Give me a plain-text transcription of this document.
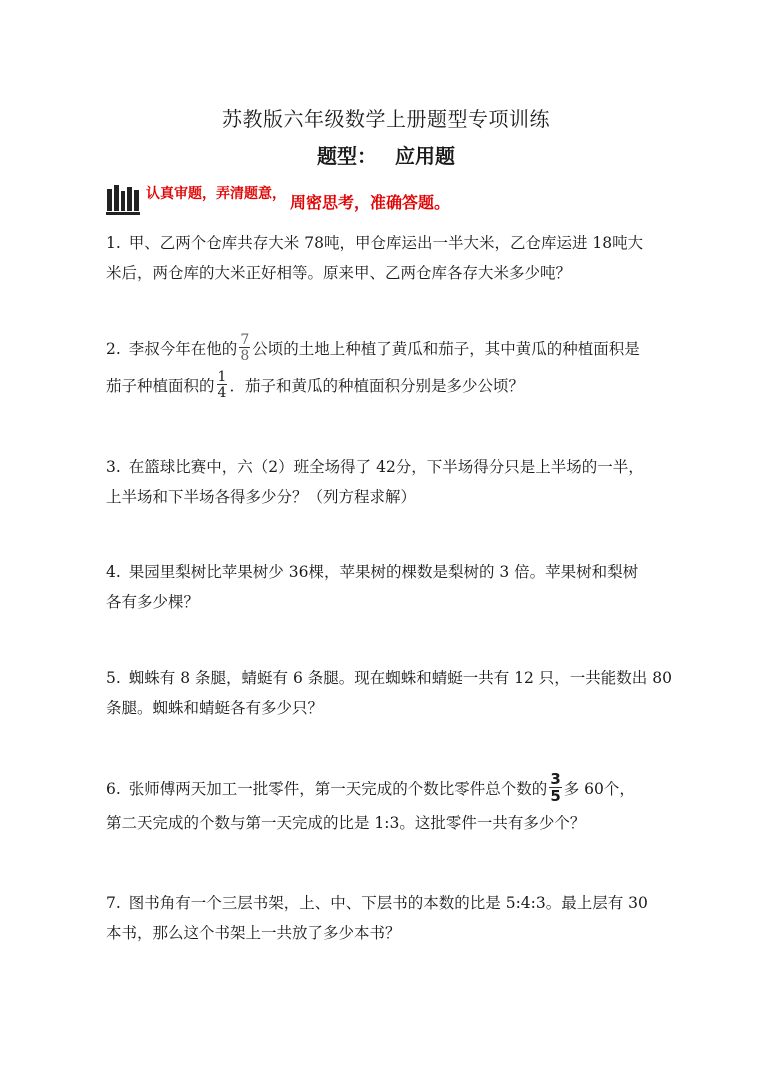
苏教版六年级数学上册题型专项训练
题型： 应用题
认真审题，弄清题意， 周密思考，准确答题。
1. 甲、乙两个仓库共存大米 78吨，甲仓库运出一半大米，乙仓库运进 18吨大
米后，两仓库的大米正好相等。原来甲、乙两仓库各存大米多少吨？
2. 李叔今年在他的 $\frac{7}{8}$ 公顷的土地上种植了黄瓜和茄子，其中黄瓜的种植面积是
茄子种植面积的 $\frac{1}{4}$ ．茄子和黄瓜的种植面积分别是多少公顷？
3. 在篮球比赛中，六（2）班全场得了 42分，下半场得分只是上半场的一半，
上半场和下半场各得多少分？（列方程求解）
4. 果园里梨树比苹果树少 36棵，苹果树的棵数是梨树的 3 倍。苹果树和梨树
各有多少棵？
5. 蜘蛛有 8 条腿，蜻蜓有 6 条腿。现在蜘蛛和蜻蜓一共有 12 只，一共能数出 80
条腿。蜘蛛和蜻蜓各有多少只？
6. 张师傅两天加工一批零件，第一天完成的个数比零件总个数的 $\frac{3}{5}$ 多 60个，
第二天完成的个数与第一天完成的比是 1:3。这批零件一共有多少个？
7. 图书角有一个三层书架，上、中、下层书的本数的比是 5:4:3。最上层有 30
本书，那么这个书架上一共放了多少本书？
